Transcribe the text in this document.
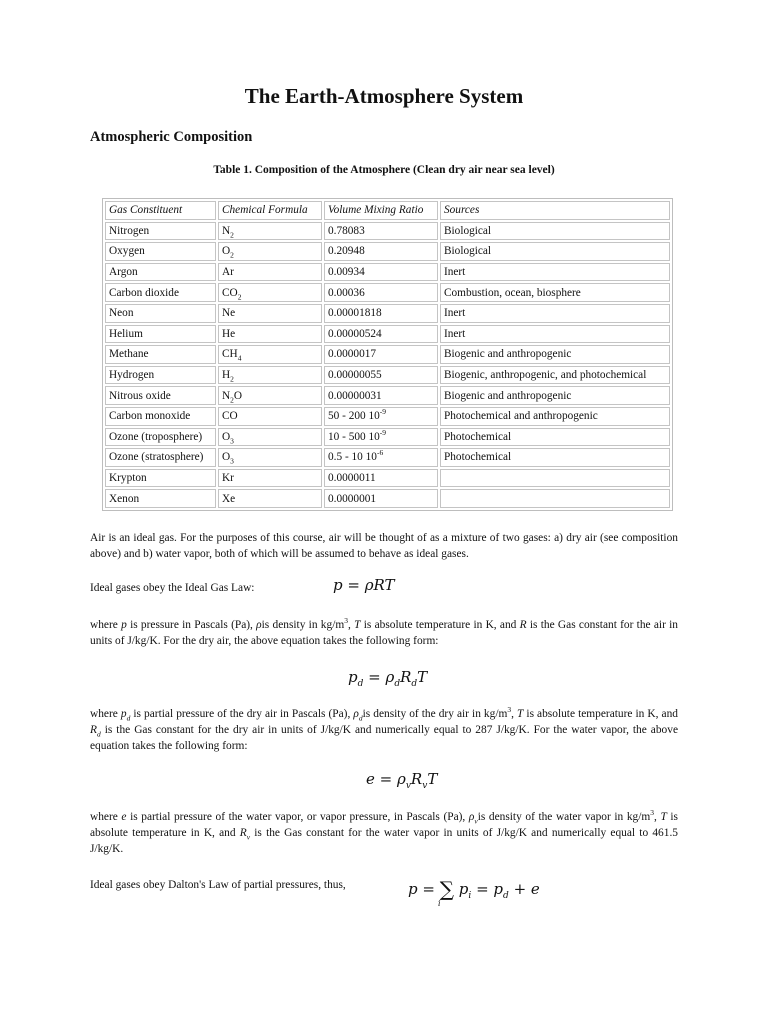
The Earth-Atmosphere System
Atmospheric Composition
Table 1. Composition of the Atmosphere (Clean dry air near sea level)
Gas Constituent	Chemical Formula	Volume Mixing Ratio	Sources
Nitrogen	$N_2$	0.78083	Biological
Oxygen	$O_2$	0.20948	Biological
Argon	Ar	0.00934	Inert
Carbon dioxide	$CO_2$	0.00036	Combustion, ocean, biosphere
Neon	Ne	0.00001818	Inert
Helium	He	0.00000524	Inert
Methane	$CH_4$	0.0000017	Biogenic and anthropogenic
Hydrogen	$H_2$	0.00000055	Biogenic, anthropogenic, and photochemical
Nitrous oxide	$N_2O$	0.00000031	Biogenic and anthropogenic
Carbon monoxide	CO	50 - 200 $10^{-9}$	Photochemical and anthropogenic
Ozone (troposphere)	$O_3$	10 - 500 $10^{-9}$	Photochemical
Ozone (stratosphere)	$O_3$	0.5 - 10 $10^{-6}$	Photochemical
Krypton	Kr	0.0000011	
Xenon	Xe	0.0000001	
Air is an ideal gas. For the purposes of this course, air will be thought of as a mixture of two gases: a) dry air (see composition above) and b) water vapor, both of which will be assumed to behave as ideal gases.
Ideal gases obey the Ideal Gas Law:	p = ρRT
where p is pressure in Pascals (Pa), ρis density in $kg/m^3$, T is absolute temperature in K, and R is the Gas constant for the air in units of J/kg/K. For the dry air, the above equation takes the following form:
$p_d = \rho_dR_dT$
where $p_d$ is partial pressure of the dry air in Pascals (Pa), $\rho_dis$ density of the dry air in $kg/m^3$, T is absolute temperature in K, and $R_d$ is the Gas constant for the dry air in units of J/kg/K and numerically equal to 287 J/kg/K. For the water vapor, the above equation takes the following form:
$e = \rho_vR_vT$
where e is partial pressure of the water vapor, or vapor pressure, in Pascals (Pa), $\rho_vis$ density of the water vapor in $kg/m^3$, T is absolute temperature in K, and $R_v$ is the Gas constant for the water vapor in units of J/kg/K and numerically equal to 461.5 J/kg/K.
Ideal gases obey Dalton's Law of partial pressures, thus,	p = ∑
i
$p_i = p_d + e$
